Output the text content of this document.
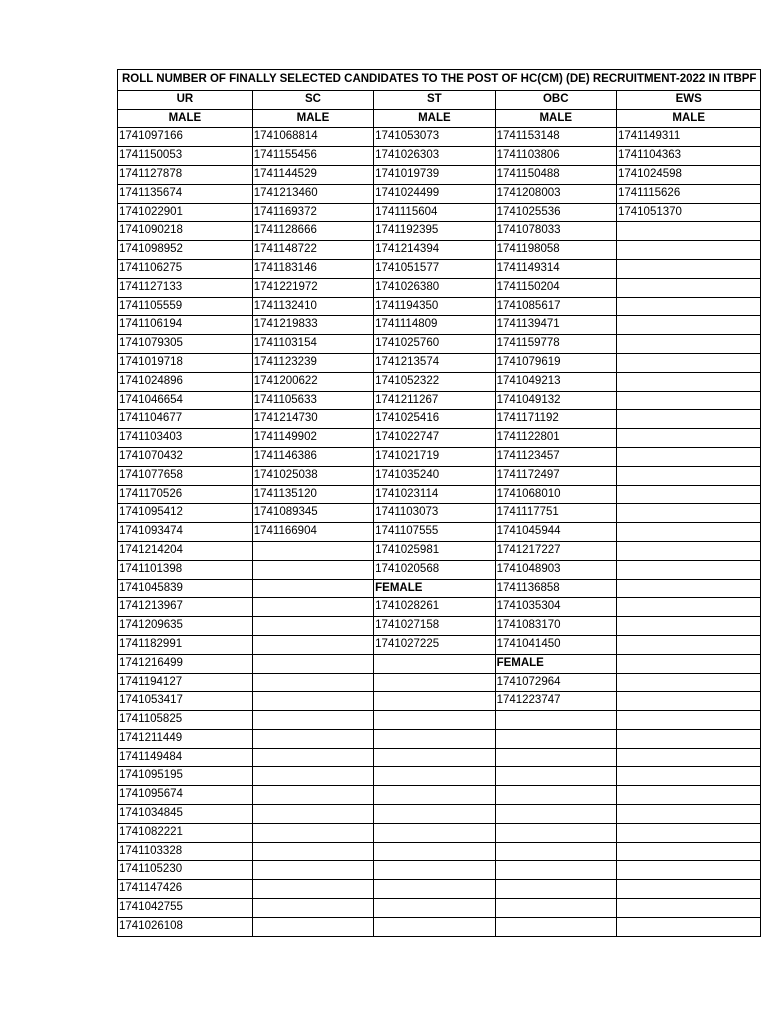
ROLL NUMBER OF FINALLY SELECTED CANDIDATES TO THE POST OF HC(CM) (DE) RECRUITMENT-2022 IN ITBPF				
UR	SC	ST	OBC	EWS
MALE	MALE	MALE	MALE	MALE
1741097166	1741068814	1741053073	1741153148	1741149311
1741150053	1741155456	1741026303	1741103806	1741104363
1741127878	1741144529	1741019739	1741150488	1741024598
1741135674	1741213460	1741024499	1741208003	1741115626
1741022901	1741169372	1741115604	1741025536	1741051370
1741090218	1741128666	1741192395	1741078033	
1741098952	1741148722	1741214394	1741198058	
1741106275	1741183146	1741051577	1741149314	
1741127133	1741221972	1741026380	1741150204	
1741105559	1741132410	1741194350	1741085617	
1741106194	1741219833	1741114809	1741139471	
1741079305	1741103154	1741025760	1741159778	
1741019718	1741123239	1741213574	1741079619	
1741024896	1741200622	1741052322	1741049213	
1741046654	1741105633	1741211267	1741049132	
1741104677	1741214730	1741025416	1741171192	
1741103403	1741149902	1741022747	1741122801	
1741070432	1741146386	1741021719	1741123457	
1741077658	1741025038	1741035240	1741172497	
1741170526	1741135120	1741023114	1741068010	
1741095412	1741089345	1741103073	1741117751	
1741093474	1741166904	1741107555	1741045944	
1741214204		1741025981	1741217227	
1741101398		1741020568	1741048903	
1741045839		FEMALE	1741136858	
1741213967		1741028261	1741035304	
1741209635		1741027158	1741083170	
1741182991		1741027225	1741041450	
1741216499			FEMALE	
1741194127			1741072964	
1741053417			1741223747	
1741105825				
1741211449				
1741149484				
1741095195				
1741095674				
1741034845				
1741082221				
1741103328				
1741105230				
1741147426				
1741042755				
1741026108				
